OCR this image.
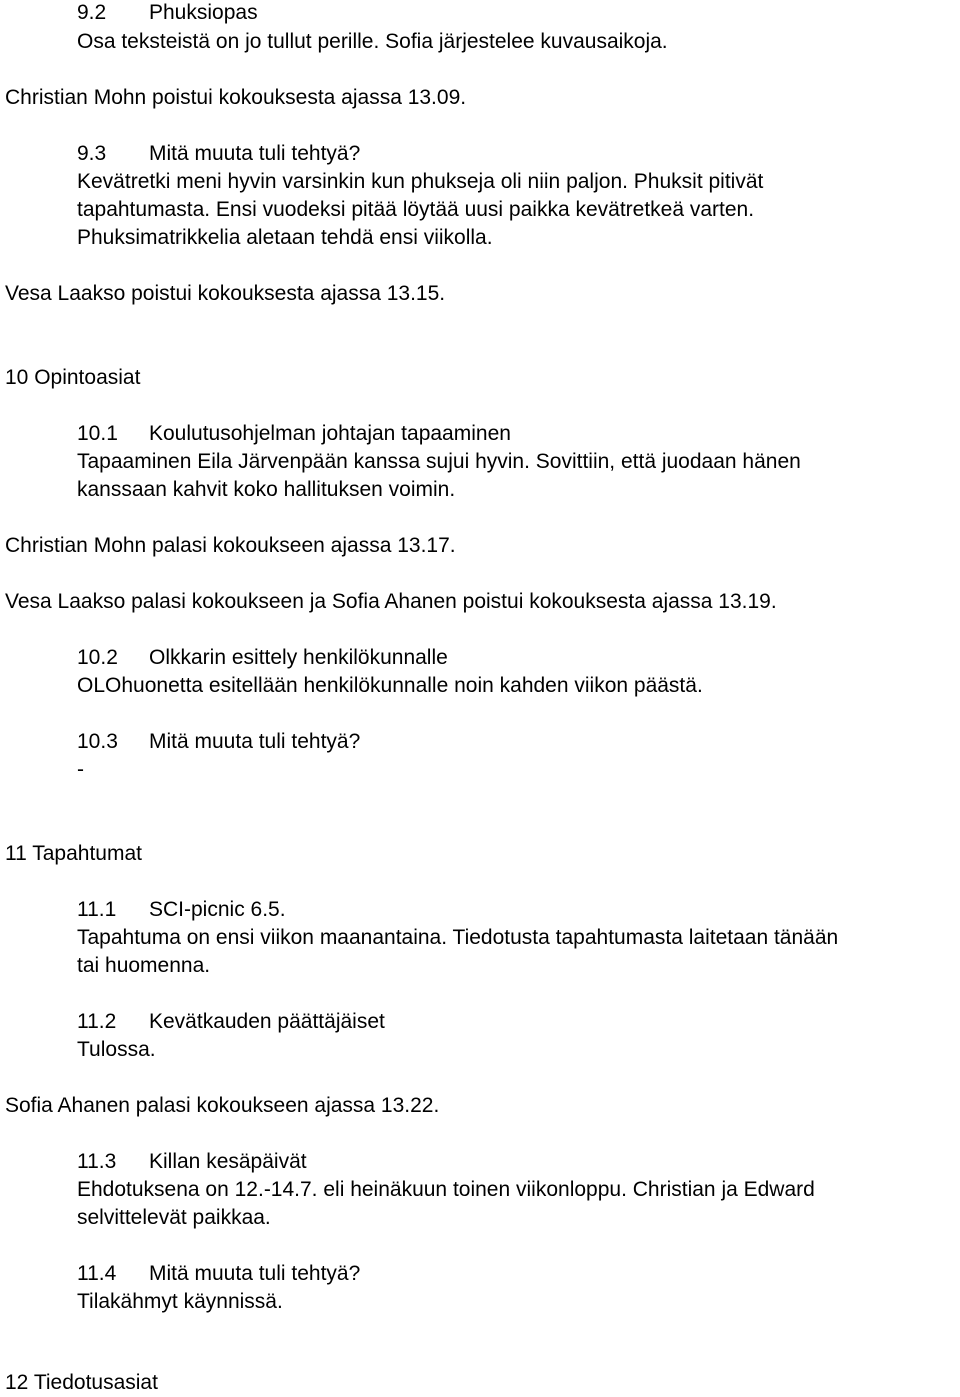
9.2 Phuksiopas
Osa teksteistä on jo tullut perille. Sofia järjestelee kuvausaikoja.
Christian Mohn poistui kokouksesta ajassa 13.09.
9.3 Mitä muuta tuli tehtyä?
Kevätretki meni hyvin varsinkin kun phukseja oli niin paljon. Phuksit pitivät
tapahtumasta. Ensi vuodeksi pitää löytää uusi paikka kevätretkeä varten.
Phuksimatrikkelia aletaan tehdä ensi viikolla.
Vesa Laakso poistui kokouksesta ajassa 13.15.
10 Opintoasiat
10.1 Koulutusohjelman johtajan tapaaminen
Tapaaminen Eila Järvenpään kanssa sujui hyvin. Sovittiin, että juodaan hänen
kanssaan kahvit koko hallituksen voimin.
Christian Mohn palasi kokoukseen ajassa 13.17.
Vesa Laakso palasi kokoukseen ja Sofia Ahanen poistui kokouksesta ajassa 13.19.
10.2 Olkkarin esittely henkilökunnalle
OLOhuonetta esitellään henkilökunnalle noin kahden viikon päästä.
10.3 Mitä muuta tuli tehtyä?
-
11 Tapahtumat
11.1 SCI-picnic 6.5.
Tapahtuma on ensi viikon maanantaina. Tiedotusta tapahtumasta laitetaan tänään
tai huomenna.
11.2 Kevätkauden päättäjäiset
Tulossa.
Sofia Ahanen palasi kokoukseen ajassa 13.22.
11.3 Killan kesäpäivät
Ehdotuksena on 12.-14.7. eli heinäkuun toinen viikonloppu. Christian ja Edward
selvittelevät paikkaa.
11.4 Mitä muuta tuli tehtyä?
Tilakähmyt käynnissä.
12 Tiedotusasiat
